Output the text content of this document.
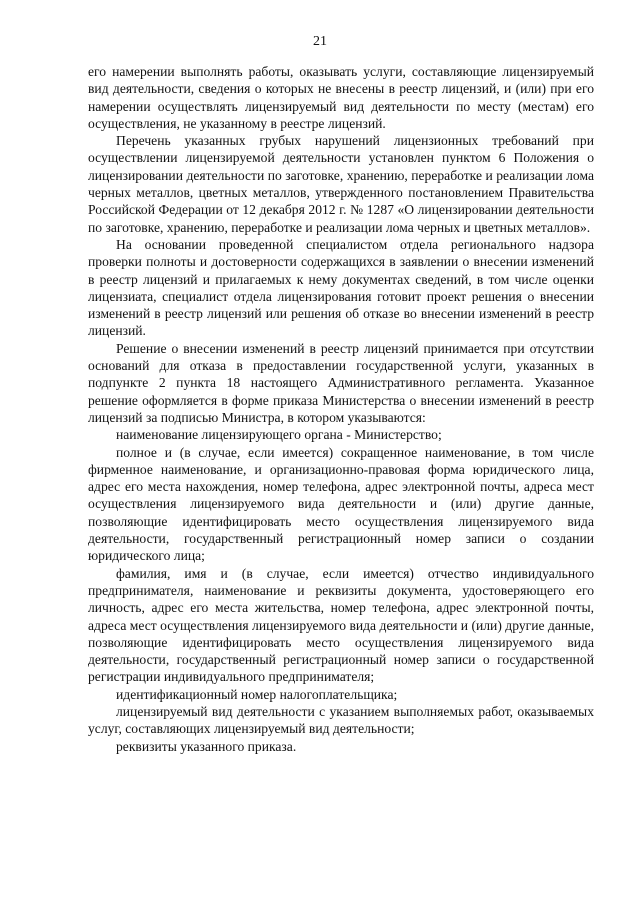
21

его намерении выполнять работы, оказывать услуги, составляющие лицензируемый вид деятельности, сведения о которых не внесены в реестр лицензий, и (или) при его намерении осуществлять лицензируемый вид деятельности по месту (местам) его осуществления, не указанному в реестре лицензий.

Перечень указанных грубых нарушений лицензионных требований при осуществлении лицензируемой деятельности установлен пунктом 6 Положения о лицензировании деятельности по заготовке, хранению, переработке и реализации лома черных металлов, цветных металлов, утвержденного постановлением Правительства Российской Федерации от 12 декабря 2012 г. № 1287 «О лицензировании деятельности по заготовке, хранению, переработке и реализации лома черных и цветных металлов».

На основании проведенной специалистом отдела регионального надзора проверки полноты и достоверности содержащихся в заявлении о внесении изменений в реестр лицензий и прилагаемых к нему документах сведений, в том числе оценки лицензиата, специалист отдела лицензирования готовит проект решения о внесении изменений в реестр лицензий или решения об отказе во внесении изменений в реестр лицензий.

Решение о внесении изменений в реестр лицензий принимается при отсутствии оснований для отказа в предоставлении государственной услуги, указанных в подпункте 2 пункта 18 настоящего Административного регламента. Указанное решение оформляется в форме приказа Министерства о внесении изменений в реестр лицензий за подписью Министра, в котором указываются:

наименование лицензирующего органа - Министерство;

полное и (в случае, если имеется) сокращенное наименование, в том числе фирменное наименование, и организационно-правовая форма юридического лица, адрес его места нахождения, номер телефона, адрес электронной почты, адреса мест осуществления лицензируемого вида деятельности и (или) другие данные, позволяющие идентифицировать место осуществления лицензируемого вида деятельности, государственный регистрационный номер записи о создании юридического лица;

фамилия, имя и (в случае, если имеется) отчество индивидуального предпринимателя, наименование и реквизиты документа, удостоверяющего его личность, адрес его места жительства, номер телефона, адрес электронной почты, адреса мест осуществления лицензируемого вида деятельности и (или) другие данные, позволяющие идентифицировать место осуществления лицензируемого вида деятельности, государственный регистрационный номер записи о государственной регистрации индивидуального предпринимателя;

идентификационный номер налогоплательщика;

лицензируемый вид деятельности с указанием выполняемых работ, оказываемых услуг, составляющих лицензируемый вид деятельности;

реквизиты указанного приказа.
